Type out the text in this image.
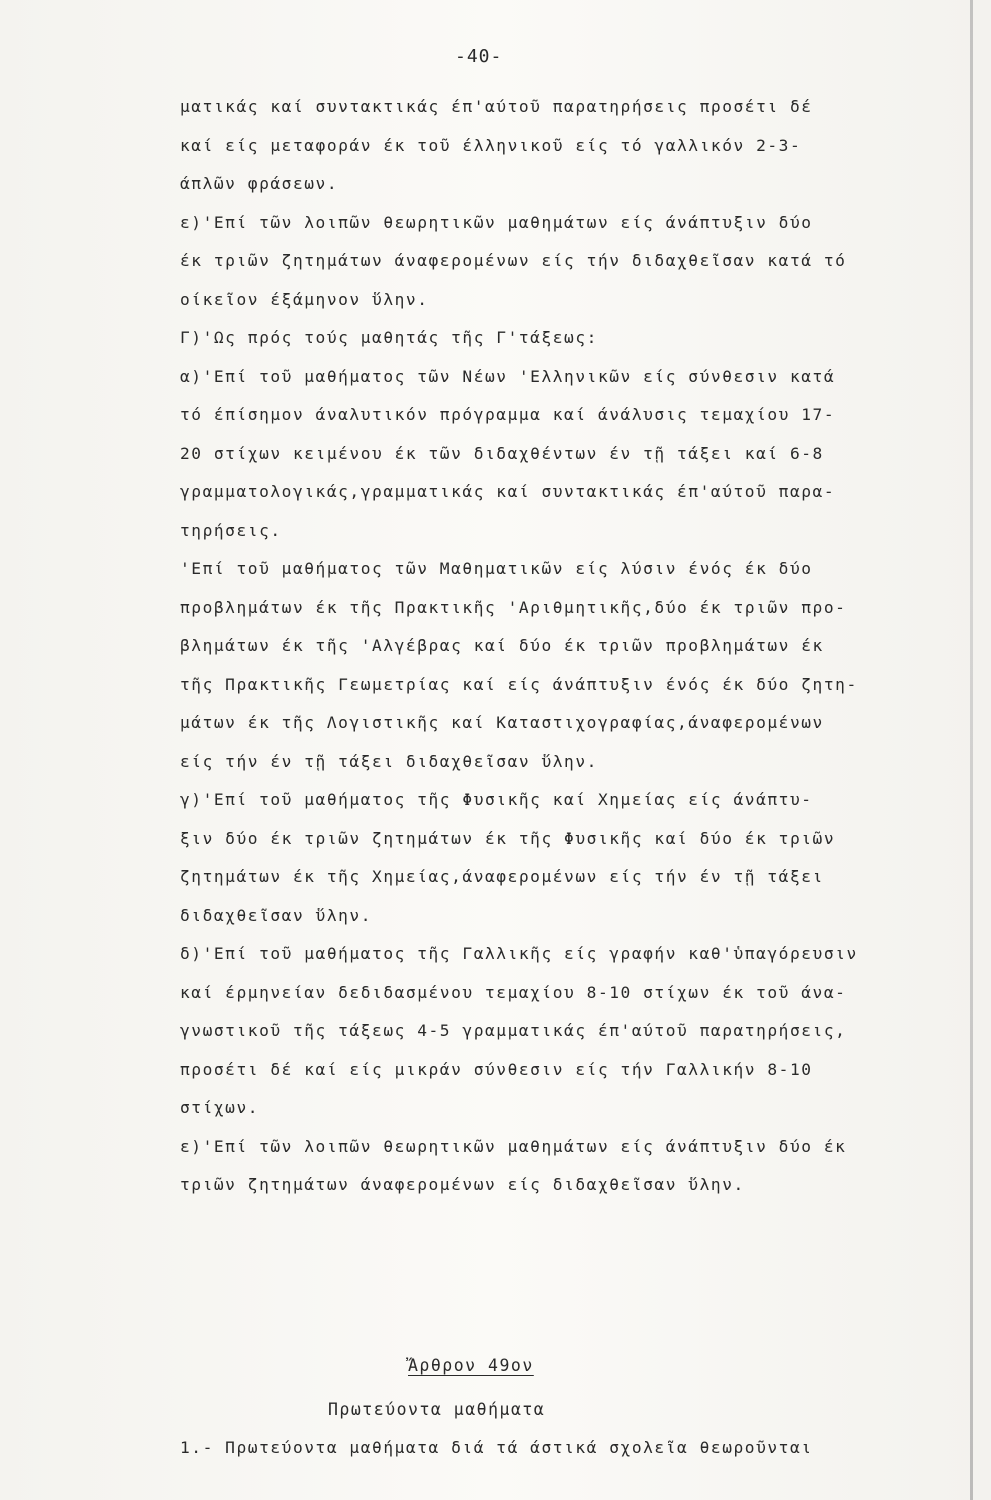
-40-
ματικάς καί συντακτικάς έπ'αύτοῦ παρατηρήσεις προσέτι δέ
καί είς μεταφοράν έκ τοῦ έλληνικοῦ είς τό γαλλικόν 2-3-
άπλῶν φράσεων.
ε)'Επί τῶν λοιπῶν θεωρητικῶν μαθημάτων είς άνάπτυξιν δύο
έκ τριῶν ζητημάτων άναφερομένων είς τήν διδαχθεῖσαν κατά τό
οίκεῖον έξάμηνον ὕλην.
Γ)'Ως πρός τούς μαθητάς τῆς Γ'τάξεως:
α)'Επί τοῦ μαθήματος τῶν Νέων 'Ελληνικῶν είς σύνθεσιν κατά
τό έπίσημον άναλυτικόν πρόγραμμα καί άνάλυσις τεμαχίου 17-
20 στίχων κειμένου έκ τῶν διδαχθέντων έν τῇ τάξει καί 6-8
γραμματολογικάς,γραμματικάς καί συντακτικάς έπ'αύτοῦ παρα-
τηρήσεις.
'Επί τοῦ μαθήματος τῶν Μαθηματικῶν είς λύσιν ένός έκ δύο
προβλημάτων έκ τῆς Πρακτικῆς 'Αριθμητικῆς,δύο έκ τριῶν προ-
βλημάτων έκ τῆς 'Αλγέβρας καί δύο έκ τριῶν προβλημάτων έκ
τῆς Πρακτικῆς Γεωμετρίας καί είς άνάπτυξιν ένός έκ δύο ζητη-
μάτων έκ τῆς Λογιστικῆς καί Καταστιχογραφίας,άναφερομένων
είς τήν έν τῇ τάξει διδαχθεῖσαν ὕλην.
γ)'Επί τοῦ μαθήματος τῆς Φυσικῆς καί Χημείας είς άνάπτυ-
ξιν δύο έκ τριῶν ζητημάτων έκ τῆς Φυσικῆς καί δύο έκ τριῶν
ζητημάτων έκ τῆς Χημείας,άναφερομένων είς τήν έν τῇ τάξει
διδαχθεῖσαν ὕλην.
δ)'Επί τοῦ μαθήματος τῆς Γαλλικῆς είς γραφήν καθ'ὑπαγόρευσιν
καί έρμηνείαν δεδιδασμένου τεμαχίου 8-10 στίχων έκ τοῦ άνα-
γνωστικοῦ τῆς τάξεως 4-5 γραμματικάς έπ'αύτοῦ παρατηρήσεις,
προσέτι δέ καί είς μικράν σύνθεσιν είς τήν Γαλλικήν 8-10
στίχων.
ε)'Επί τῶν λοιπῶν θεωρητικῶν μαθημάτων είς άνάπτυξιν δύο έκ
τριῶν ζητημάτων άναφερομένων είς διδαχθεῖσαν ὕλην.
Ἄρθρον 49ον
Πρωτεύοντα μαθήματα
1.- Πρωτεύοντα μαθήματα διά τά άστικά σχολεῖα θεωροῦνται
